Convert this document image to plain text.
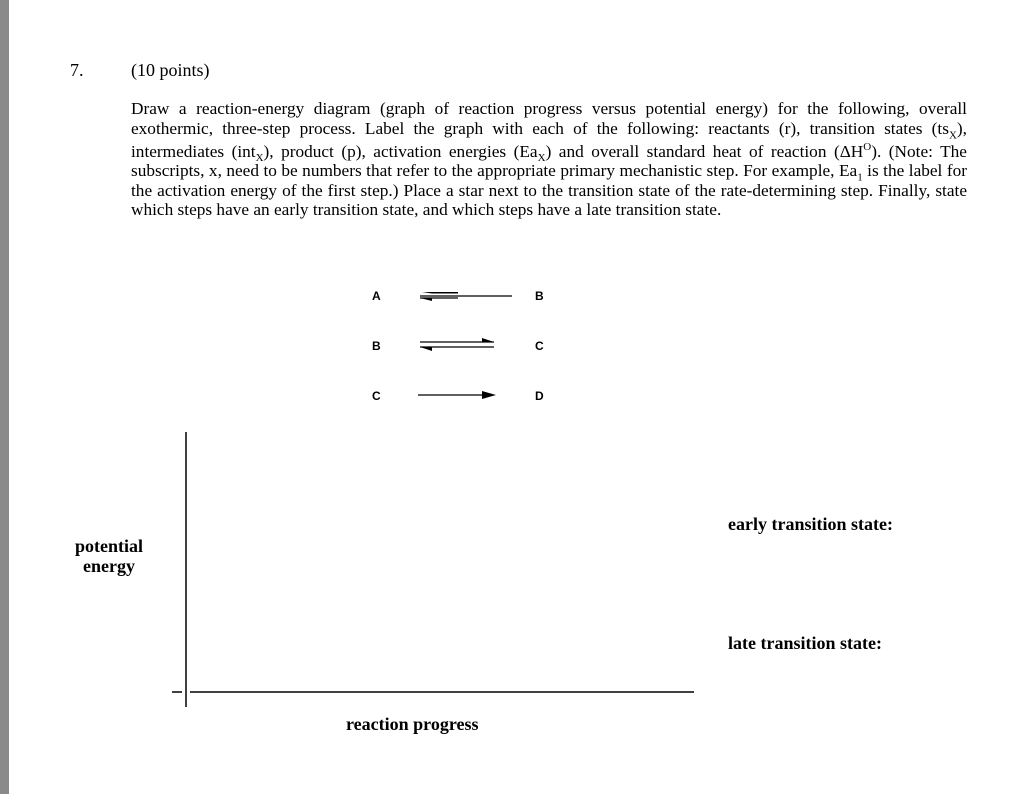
7.	(10 points)
Draw a reaction-energy diagram (graph of reaction progress versus potential energy) for the following, overall exothermic, three-step process. Label the graph with each of the following: reactants (r), transition states $(ts_X)$, intermediates (int$_X$), product (p), activation energies $(Ea_X)$ and overall standard heat of reaction $(\Delta H^O)$. (Note: The subscripts, x, need to be numbers that refer to the appropriate primary mechanistic step. For example, $Ea_1$ is the label for the activation energy of the first step.) Place a star next to the transition state of the rate-determining step. Finally, state which steps have an early transition state, and which steps have a late transition state.
A	B
B	C
C	D
potential
energy
reaction progress
early transition state:
late transition state:
